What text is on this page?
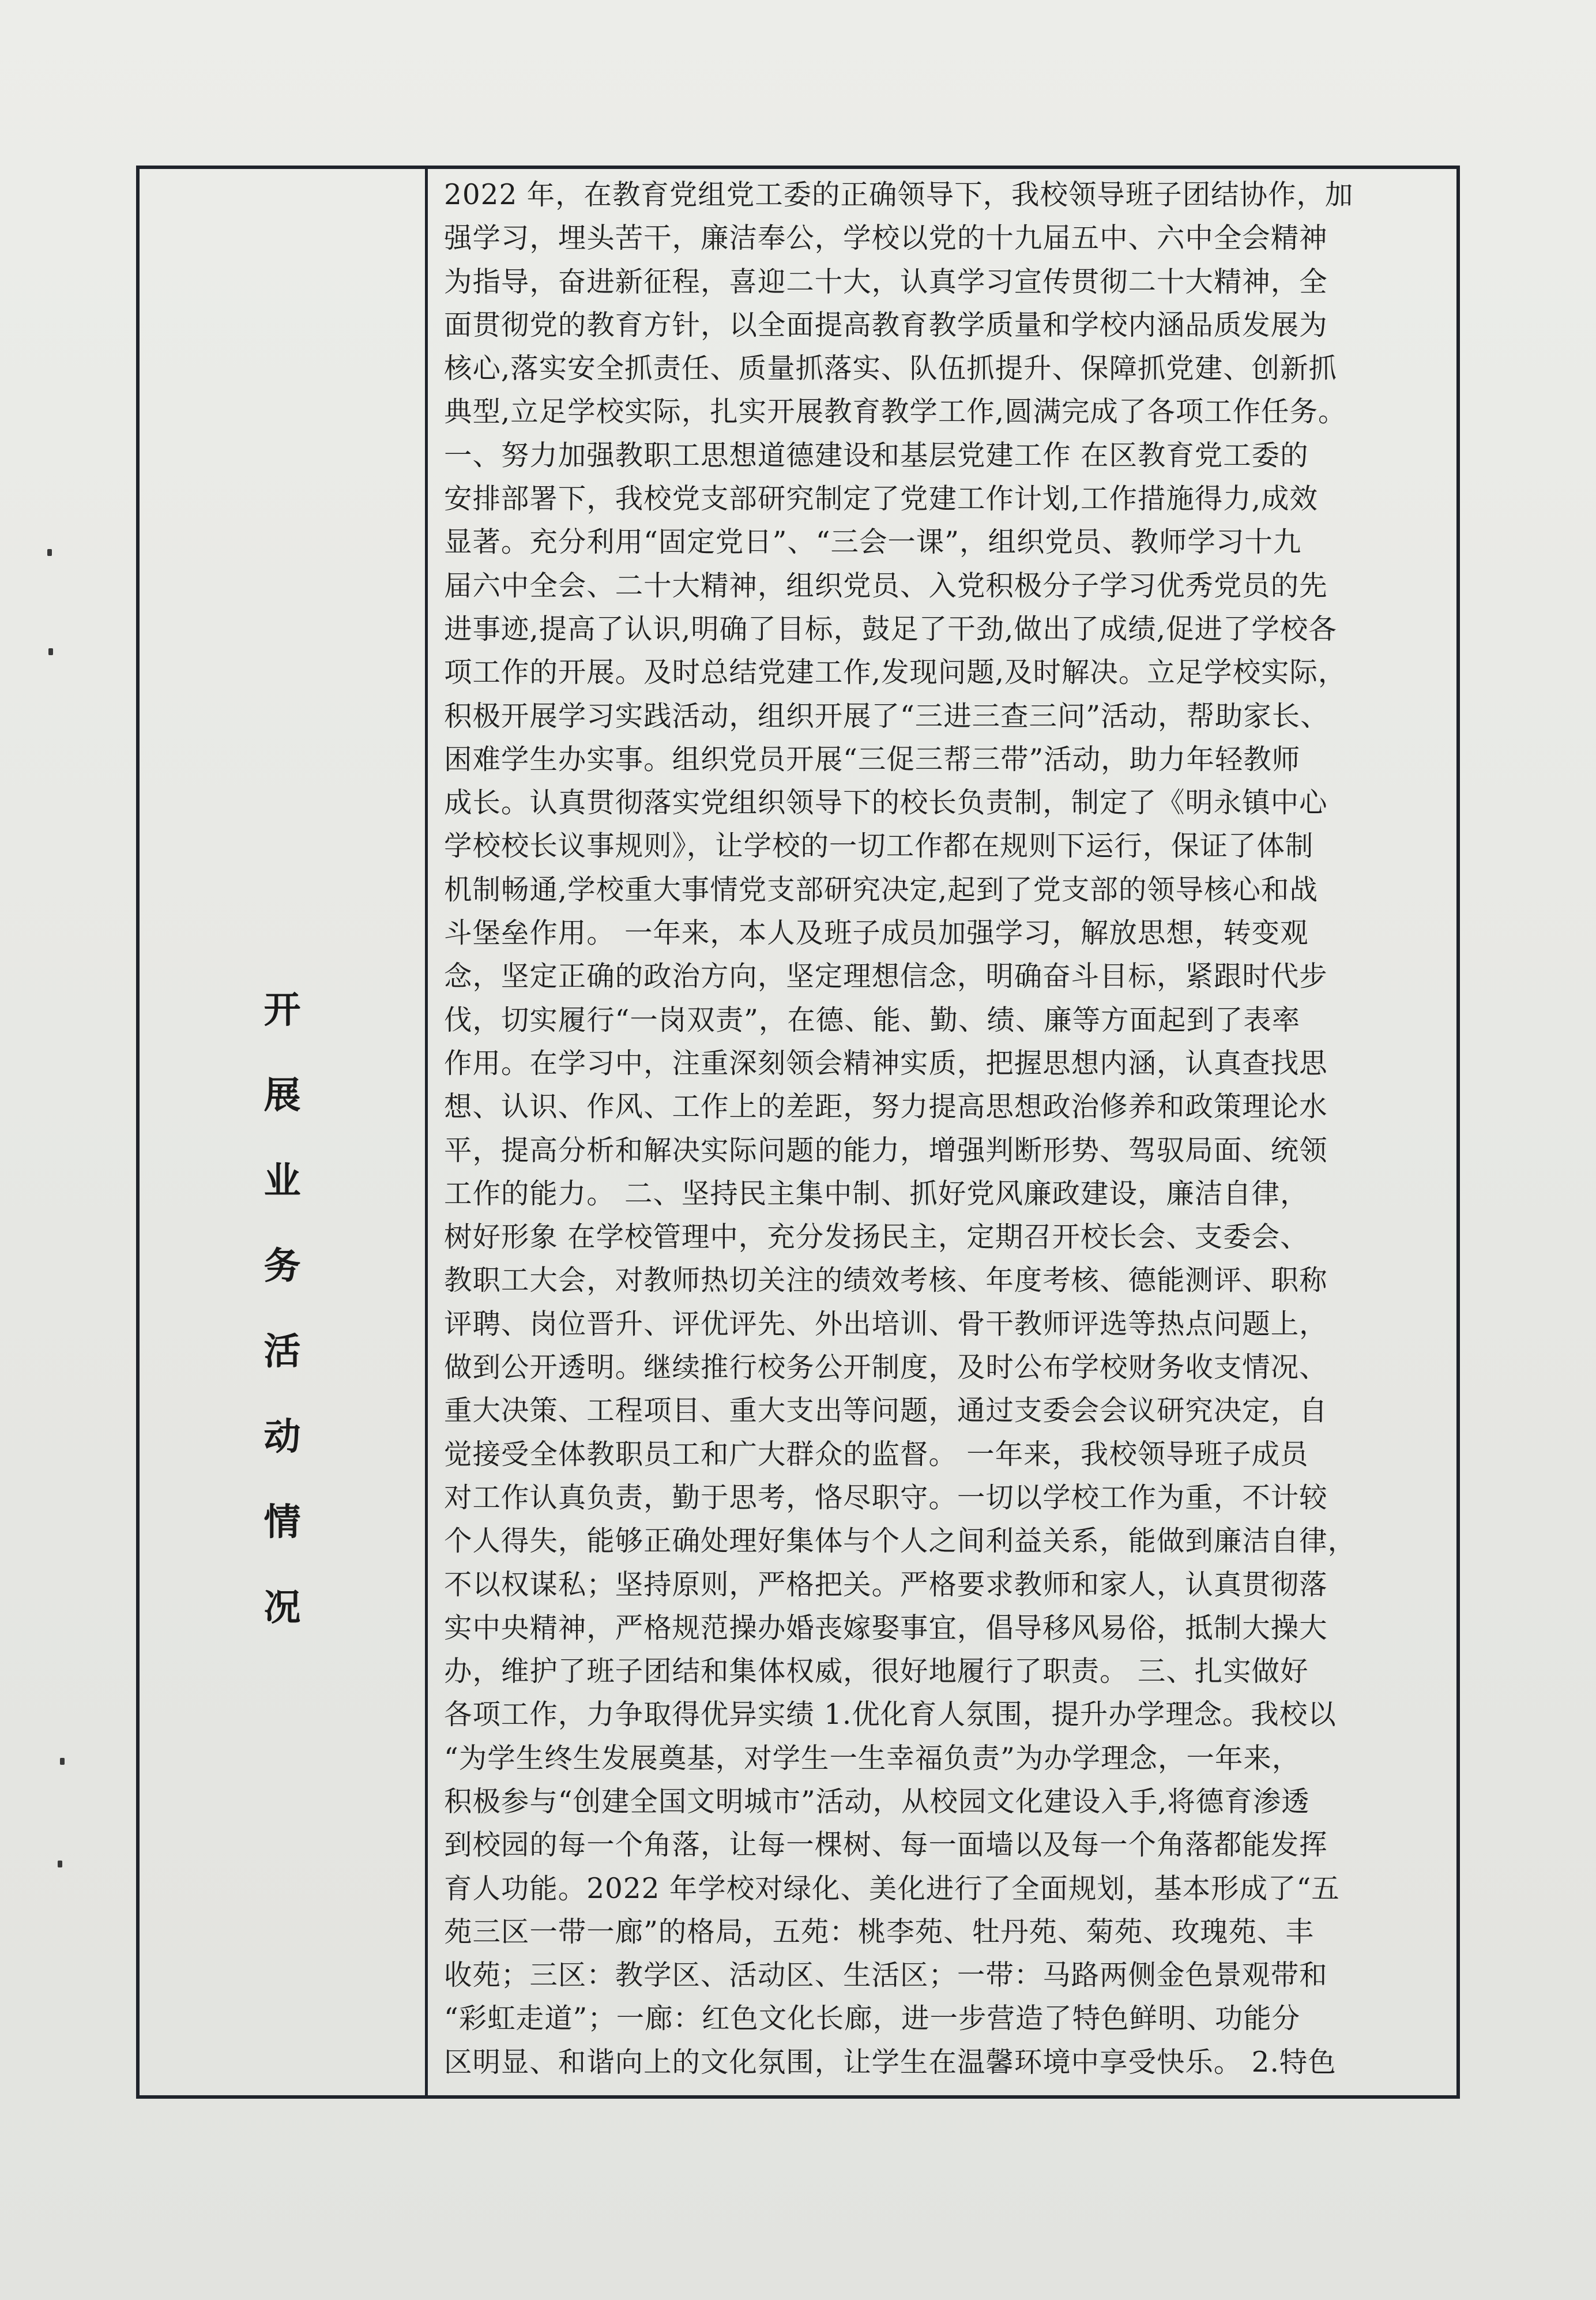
开
展
业
务
活
动
情
况
2022 年，在教育党组党工委的正确领导下，我校领导班子团结协作，加
强学习，埋头苦干，廉洁奉公，学校以党的十九届五中、六中全会精神
为指导，奋进新征程，喜迎二十大，认真学习宣传贯彻二十大精神，全
面贯彻党的教育方针，以全面提高教育教学质量和学校内涵品质发展为
核心,落实安全抓责任、质量抓落实、队伍抓提升、保障抓党建、创新抓
典型,立足学校实际，扎实开展教育教学工作,圆满完成了各项工作任务。
一、努力加强教职工思想道德建设和基层党建工作 在区教育党工委的
安排部署下，我校党支部研究制定了党建工作计划,工作措施得力,成效
显著。充分利用“固定党日”、“三会一课”，组织党员、教师学习十九
届六中全会、二十大精神，组织党员、入党积极分子学习优秀党员的先
进事迹,提高了认识,明确了目标，鼓足了干劲,做出了成绩,促进了学校各
项工作的开展。及时总结党建工作,发现问题,及时解决。立足学校实际，
积极开展学习实践活动，组织开展了“三进三查三问”活动，帮助家长、
困难学生办实事。组织党员开展“三促三帮三带”活动，助力年轻教师
成长。认真贯彻落实党组织领导下的校长负责制，制定了《明永镇中心
学校校长议事规则》，让学校的一切工作都在规则下运行，保证了体制
机制畅通,学校重大事情党支部研究决定,起到了党支部的领导核心和战
斗堡垒作用。 一年来，本人及班子成员加强学习，解放思想，转变观
念，坚定正确的政治方向，坚定理想信念，明确奋斗目标，紧跟时代步
伐，切实履行“一岗双责”，在德、能、勤、绩、廉等方面起到了表率
作用。在学习中，注重深刻领会精神实质，把握思想内涵，认真查找思
想、认识、作风、工作上的差距，努力提高思想政治修养和政策理论水
平，提高分析和解决实际问题的能力，增强判断形势、驾驭局面、统领
工作的能力。 二、坚持民主集中制、抓好党风廉政建设，廉洁自律，
树好形象 在学校管理中，充分发扬民主，定期召开校长会、支委会、
教职工大会，对教师热切关注的绩效考核、年度考核、德能测评、职称
评聘、岗位晋升、评优评先、外出培训、骨干教师评选等热点问题上，
做到公开透明。继续推行校务公开制度，及时公布学校财务收支情况、
重大决策、工程项目、重大支出等问题，通过支委会会议研究决定，自
觉接受全体教职员工和广大群众的监督。 一年来，我校领导班子成员
对工作认真负责，勤于思考，恪尽职守。一切以学校工作为重，不计较
个人得失，能够正确处理好集体与个人之间利益关系，能做到廉洁自律，
不以权谋私；坚持原则，严格把关。严格要求教师和家人，认真贯彻落
实中央精神，严格规范操办婚丧嫁娶事宜，倡导移风易俗，抵制大操大
办，维护了班子团结和集体权威，很好地履行了职责。 三、扎实做好
各项工作，力争取得优异实绩 1.优化育人氛围，提升办学理念。我校以
“为学生终生发展奠基，对学生一生幸福负责”为办学理念，一年来，
积极参与“创建全国文明城市”活动，从校园文化建设入手,将德育渗透
到校园的每一个角落，让每一棵树、每一面墙以及每一个角落都能发挥
育人功能。2022 年学校对绿化、美化进行了全面规划，基本形成了“五
苑三区一带一廊”的格局，五苑：桃李苑、牡丹苑、菊苑、玫瑰苑、丰
收苑；三区：教学区、活动区、生活区；一带：马路两侧金色景观带和
“彩虹走道”；一廊：红色文化长廊，进一步营造了特色鲜明、功能分
区明显、和谐向上的文化氛围，让学生在温馨环境中享受快乐。 2.特色
